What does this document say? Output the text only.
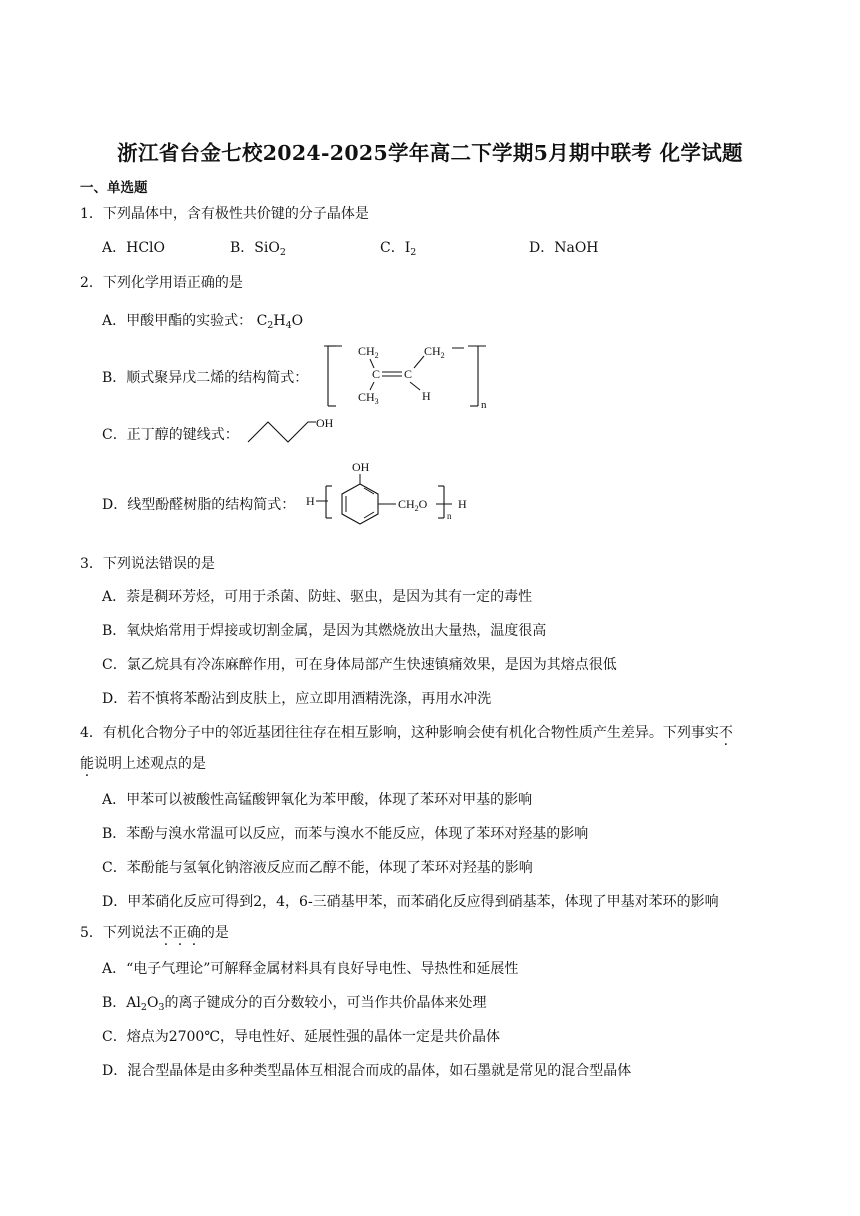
浙江省台金七校2024-2025学年高二下学期5月期中联考 化学试题
一、单选题
1．下列晶体中，含有极性共价键的分子晶体是
A．HClO	B．SiO$_2$	C．$I_2$	D．NaOH
2．下列化学用语正确的是
A．甲酸甲酯的实验式： $C_2H_4O$
B．顺式聚异戊二烯的结构简式：
$CH_2$
C C
$CH_3$
$CH_2$
H
n
C．正丁醇的键线式：
OH
D．线型酚醛树脂的结构简式： H
OH
$CH_2O$
n
H
3．下列说法错误的是
A．萘是稠环芳烃，可用于杀菌、防蛀、驱虫，是因为其有一定的毒性
B．氧炔焰常用于焊接或切割金属，是因为其燃烧放出大量热，温度很高
C．氯乙烷具有冷冻麻醉作用，可在身体局部产生快速镇痛效果，是因为其熔点很低
D．若不慎将苯酚沾到皮肤上，应立即用酒精洗涤，再用水冲洗
4．有机化合物分子中的邻近基团往往存在相互影响，这种影响会使有机化合物性质产生差异。下列事实不
能说明上述观点的是
A．甲苯可以被酸性高锰酸钾氧化为苯甲酸，体现了苯环对甲基的影响
B．苯酚与溴水常温可以反应，而苯与溴水不能反应，体现了苯环对羟基的影响
C．苯酚能与氢氧化钠溶液反应而乙醇不能，体现了苯环对羟基的影响
D．甲苯硝化反应可得到2，4，6-三硝基甲苯，而苯硝化反应得到硝基苯，体现了甲基对苯环的影响
5．下列说法不正确的是
A．“电子气理论”可解释金属材料具有良好导电性、导热性和延展性
B．$Al_2O_3$的离子键成分的百分数较小，可当作共价晶体来处理
C．熔点为2700℃，导电性好、延展性强的晶体一定是共价晶体
D．混合型晶体是由多种类型晶体互相混合而成的晶体，如石墨就是常见的混合型晶体
